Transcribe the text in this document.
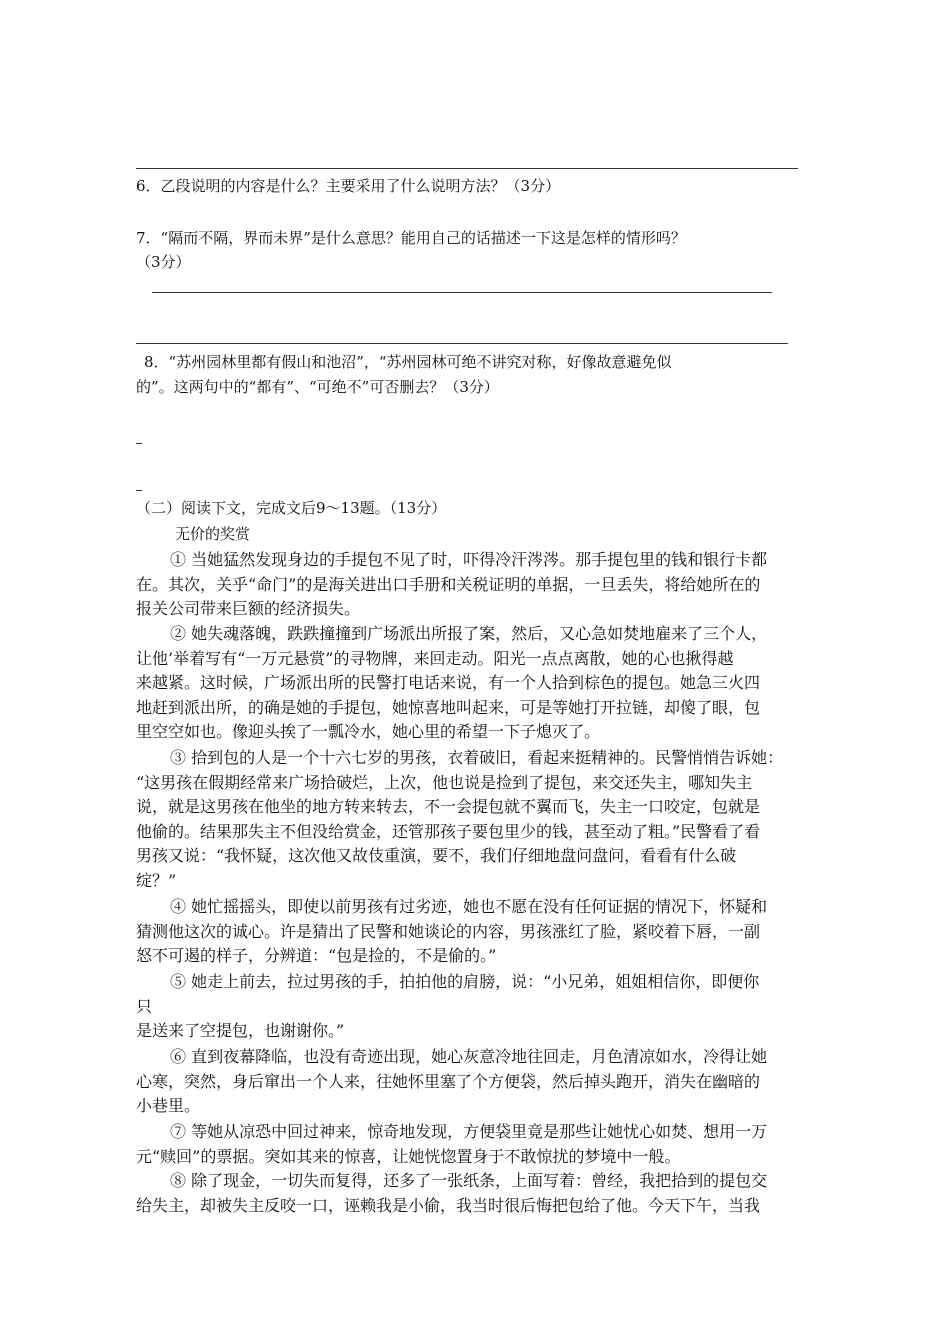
6．乙段说明的内容是什么？主要采用了什么说明方法？（3分）
7．“隔而不隔，界而未界”是什么意思？能用自己的话描述一下这是怎样的情形吗？
（3分）
8．“苏州园林里都有假山和池沼”，“苏州园林可绝不讲究对称，好像故意避免似
的”。这两句中的“都有”、“可绝不”可否删去？（3分）
（二）阅读下文，完成文后9～13题。（13分）
无价的奖赏
① 当她猛然发现身边的手提包不见了时，吓得冷汗涔涔。那手提包里的钱和银行卡都
在。其次，关乎“命门”的是海关进出口手册和关税证明的单据，一旦丢失，将给她所在的
报关公司带来巨额的经济损失。
② 她失魂落魄，跌跌撞撞到广场派出所报了案，然后，又心急如焚地雇来了三个人，
让他’举着写有“一万元悬赏”的寻物牌，来回走动。阳光一点点离散，她的心也揪得越
来越紧。这时候，广场派出所的民警打电话来说，有一个人拾到棕色的提包。她急三火四
地赶到派出所，的确是她的手提包，她惊喜地叫起来，可是等她打开拉链，却傻了眼，包
里空空如也。像迎头挨了一瓢冷水，她心里的希望一下子熄灭了。
③ 拾到包的人是一个十六七岁的男孩，衣着破旧，看起来挺精神的。民警悄悄告诉她：
“这男孩在假期经常来广场拾破烂，上次，他也说是捡到了提包，来交还失主，哪知失主
说，就是这男孩在他坐的地方转来转去，不一会提包就不翼而飞，失主一口咬定，包就是
他偷的。结果那失主不但没给赏金，还管那孩子要包里少的钱，甚至动了粗。”民警看了看
男孩又说：“我怀疑，这次他又故伎重演，要不，我们仔细地盘问盘问，看看有什么破
绽？”
④ 她忙摇摇头，即使以前男孩有过劣迹，她也不愿在没有任何证据的情况下，怀疑和
猜测他这次的诚心。许是猜出了民警和她谈论的内容，男孩涨红了脸，紧咬着下唇，一副
怒不可遏的样子，分辨道：“包是捡的，不是偷的。”
⑤ 她走上前去，拉过男孩的手，拍拍他的肩膀，说：“小兄弟，姐姐相信你，即便你
只
是送来了空提包，也谢谢你。”
⑥ 直到夜幕降临，也没有奇迹出现，她心灰意冷地往回走，月色清凉如水，冷得让她
心寒，突然，身后窜出一个人来，往她怀里塞了个方便袋，然后掉头跑开，消失在幽暗的
小巷里。
⑦ 等她从凉恐中回过神来，惊奇地发现，方便袋里竟是那些让她忧心如焚、想用一万
元“赎回”的票据。突如其来的惊喜，让她恍惚置身于不敢惊扰的梦境中一般。
⑧ 除了现金，一切失而复得，还多了一张纸条，上面写着：曾经，我把拾到的提包交
给失主，却被失主反咬一口，诬赖我是小偷，我当时很后悔把包给了他。今天下午，当我
